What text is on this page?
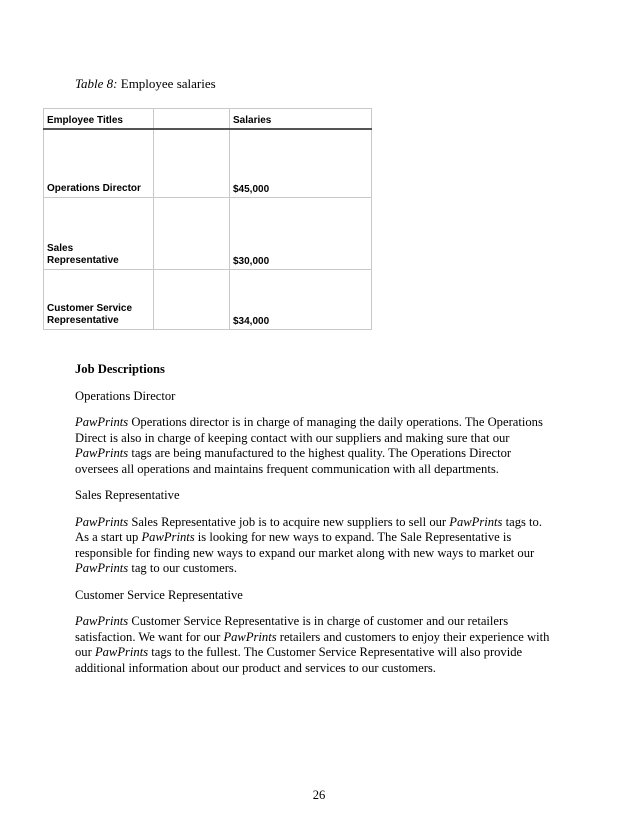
Table 8: Employee salaries
Employee Titles		Salaries
Operations Director		$45,000
Sales
Representative		$30,000
Customer Service
Representative		$34,000
Job Descriptions

Operations Director

PawPrints Operations director is in charge of managing the daily operations. The Operations Direct is also in charge of keeping contact with our suppliers and making sure that our PawPrints tags are being manufactured to the highest quality. The Operations Director oversees all operations and maintains frequent communication with all departments.

Sales Representative

PawPrints Sales Representative job is to acquire new suppliers to sell our PawPrints tags to. As a start up PawPrints is looking for new ways to expand. The Sale Representative is responsible for finding new ways to expand our market along with new ways to market our PawPrints tag to our customers.

Customer Service Representative

PawPrints Customer Service Representative is in charge of customer and our retailers satisfaction. We want for our PawPrints retailers and customers to enjoy their experience with our PawPrints tags to the fullest. The Customer Service Representative will also provide additional information about our product and services to our customers.

26
